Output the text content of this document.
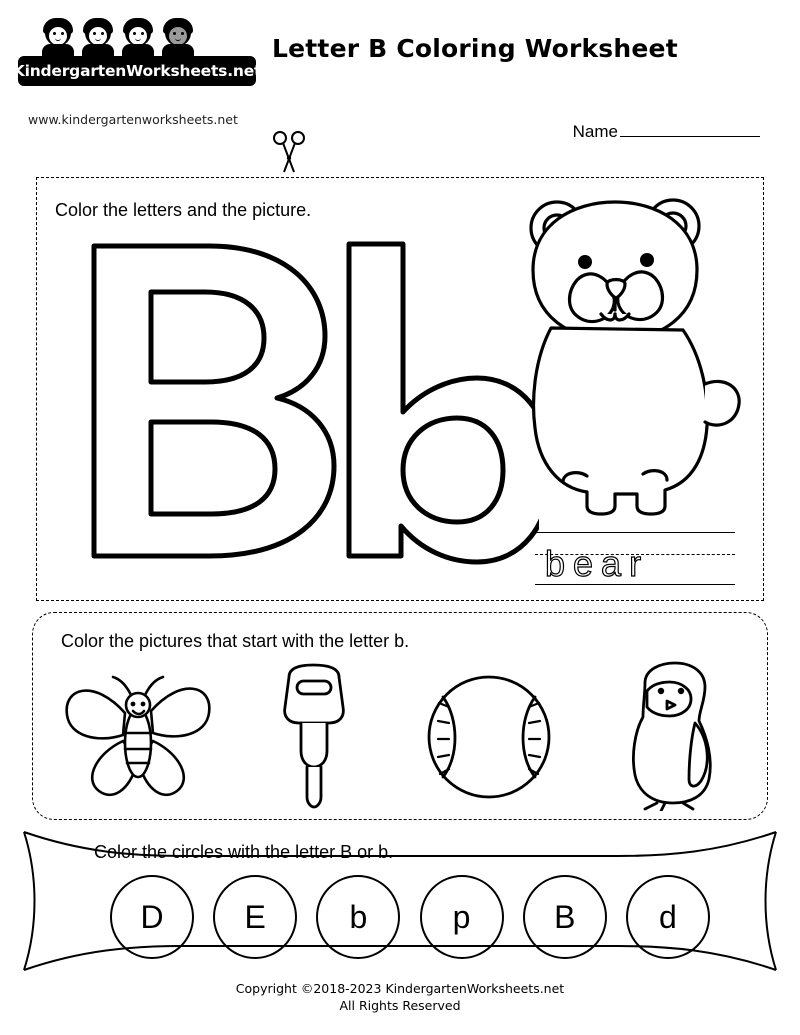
KindergartenWorksheets.net
www.kindergartenworksheets.net
Letter B Coloring Worksheet
Name
Color the letters and the picture.
bear
Color the pictures that start with the letter b.
Color the circles with the letter B or b.
D	E	b	p	B	d
Copyright ©2018-2023 KindergartenWorksheets.net
All Rights Reserved
